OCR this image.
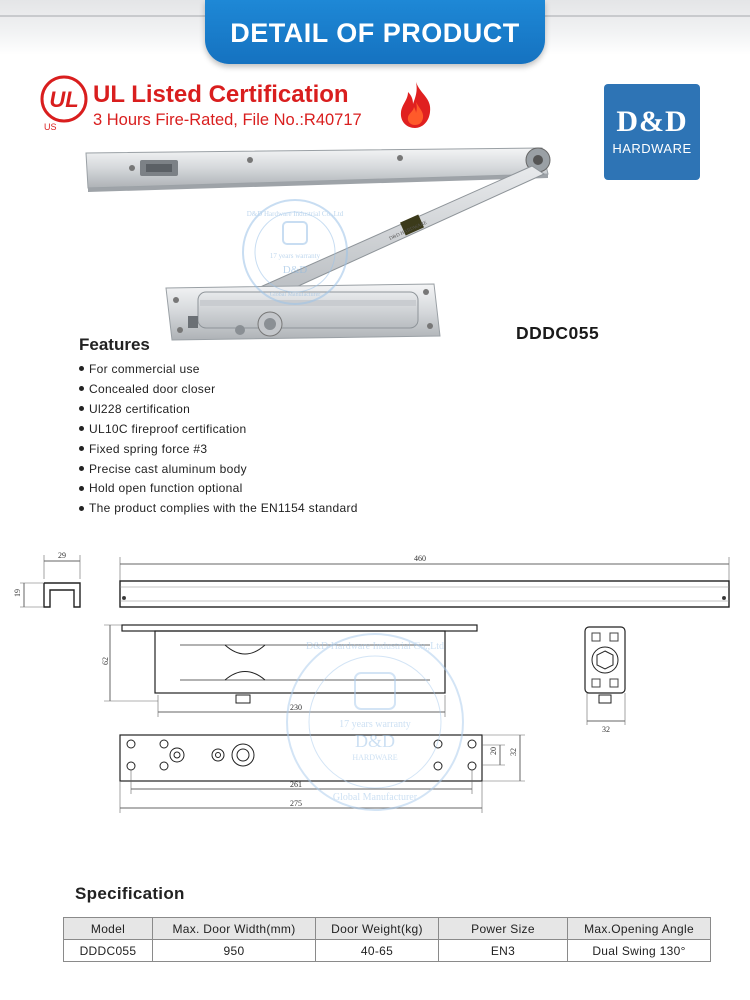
DETAIL OF PRODUCT
UL
US
UL Listed Certification
3 Hours Fire-Rated, File No.:R40717	D&D
HARDWARE
D&D HARDWARE
D&D Hardware Industrial Co.,Ltd
17 years warranty
D&D
Global Manufacturer
DDDC055
Features
For commercial use
Concealed door closer
Ul228 certification
UL10C fireproof certification
Fixed spring force #3
Precise cast aluminum body
Hold open function optional
The product complies with the EN1154 standard
29
19
460
62
230
32
20 32
261
275
17 years warranty
D&D
HARDWARE
D&D Hardware Industrial Co.,Ltd
Global Manufacturer
Specification
Model	Max. Door Width(mm)	Door Weight(kg)	Power Size	Max.Opening Angle
DDDC055	950	40-65	EN3	Dual Swing 130°
